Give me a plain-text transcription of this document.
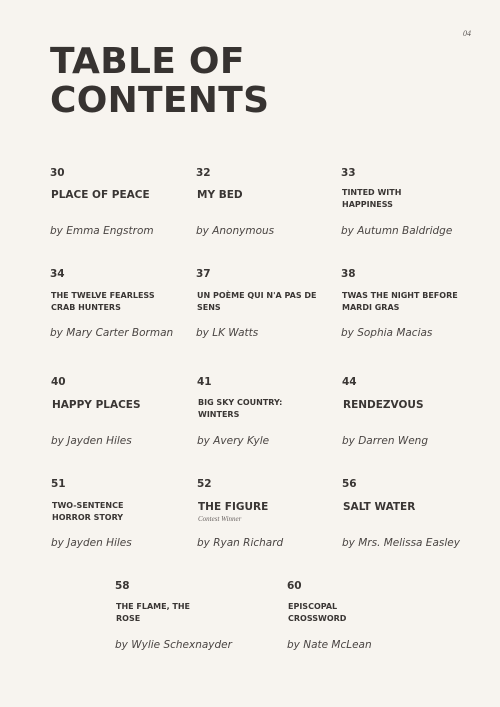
04
TABLE OF CONTENTS
30
PLACE OF PEACE
by Emma Engstrom
32
MY BED
by Anonymous
33
TINTED WITH HAPPINESS
by Autumn Baldridge
34
THE TWELVE FEARLESS CRAB HUNTERS
by Mary Carter Borman
37
UN POÈME QUI N'A PAS DE SENS
by LK Watts
38
TWAS THE NIGHT BEFORE MARDI GRAS
by Sophia Macias
40
HAPPY PLACES
by Jayden Hiles
41
BIG SKY COUNTRY: WINTERS
by Avery Kyle
44
RENDEZVOUS
by Darren Weng
51
TWO-SENTENCE HORROR STORY
by Jayden Hiles
52
THE FIGURE
Contest Winner
by Ryan Richard
56
SALT WATER
by Mrs. Melissa Easley
58
THE FLAME, THE ROSE
by Wylie Schexnayder
60
EPISCOPAL CROSSWORD
by Nate McLean
